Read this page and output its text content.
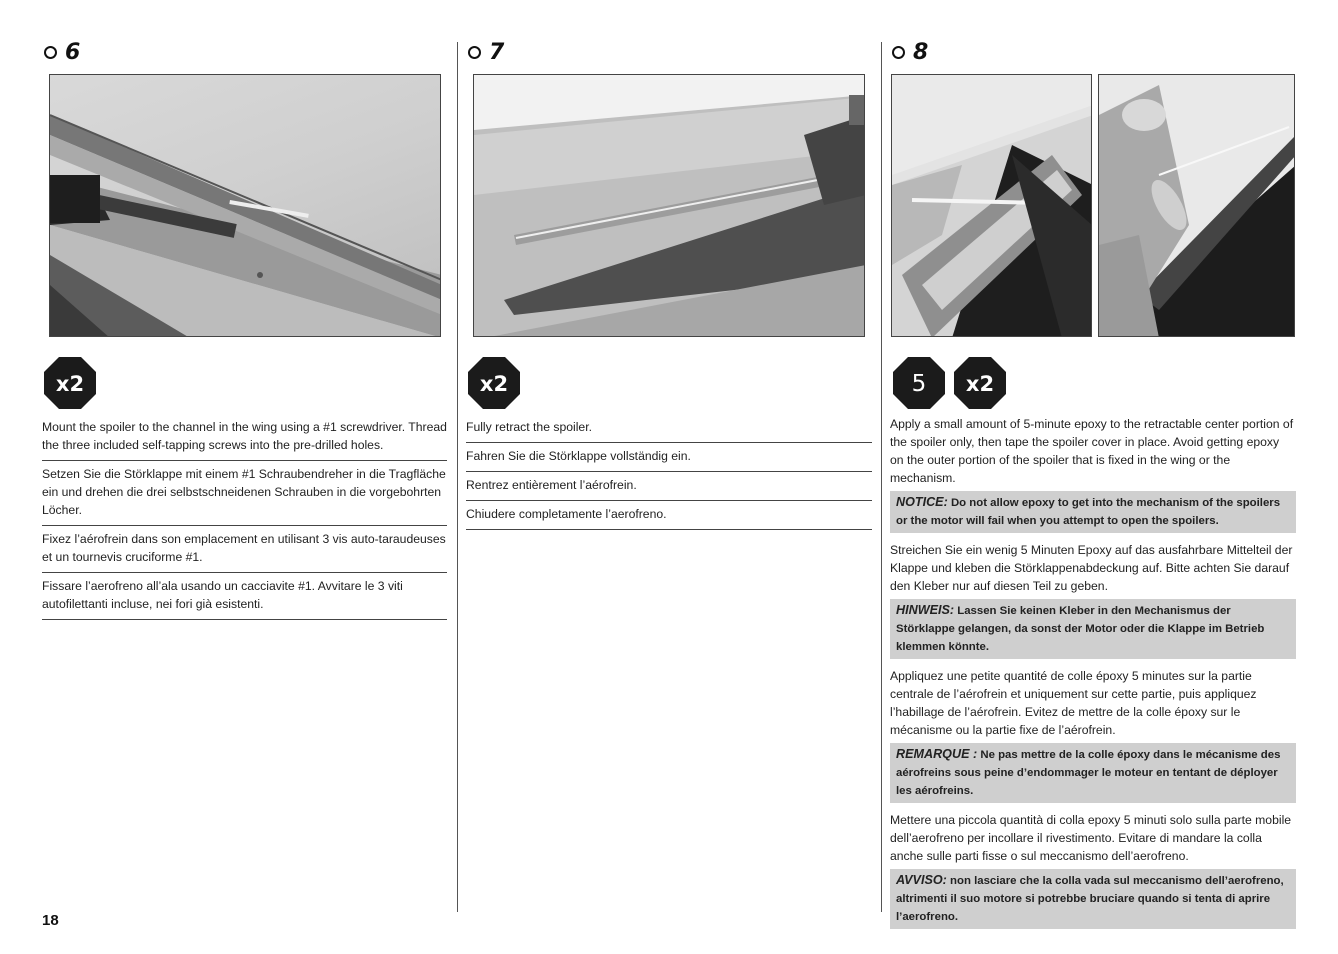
6
x2

Mount the spoiler to the channel in the wing using a #1 screwdriver. Thread the three included self-tapping screws into the pre-drilled holes.

Setzen Sie die Störklappe mit einem #1 Schraubendreher in die Tragfläche ein und drehen die drei selbstschneidenen Schrauben in die vorgebohrten Löcher.

Fixez l’aérofrein dans son emplacement en utilisant 3 vis auto-taraudeuses et un tournevis cruciforme #1.

Fissare l’aerofreno all’ala usando un cacciavite #1. Avvitare le 3 viti autofilettanti incluse, nei fori già esistenti.

7
x2

Fully retract the spoiler.

Fahren Sie die Störklappe vollständig ein.

Rentrez entièrement l’aérofrein.

Chiudere completamente l’aerofreno.

8
5 x2

Apply a small amount of 5-minute epoxy to the retractable center portion of the spoiler only, then tape the spoiler cover in place. Avoid getting epoxy on the outer portion of the spoiler that is fixed in the wing or the mechanism.

NOTICE: Do not allow epoxy to get into the mechanism of the spoilers or the motor will fail when you attempt to open the spoilers.

Streichen Sie ein wenig 5 Minuten Epoxy auf das ausfahrbare Mittelteil der Klappe und kleben die Störklappenabdeckung auf. Bitte achten Sie darauf den Kleber nur auf diesen Teil zu geben.

HINWEIS: Lassen Sie keinen Kleber in den Mechanismus der Störklappe gelangen, da sonst der Motor oder die Klappe im Betrieb klemmen könnte.

Appliquez une petite quantité de colle époxy 5 minutes sur la partie centrale de l’aérofrein et uniquement sur cette partie, puis appliquez l’habillage de l’aérofrein. Evitez de mettre de la colle époxy sur le mécanisme ou la partie fixe de l’aérofrein.

REMARQUE : Ne pas mettre de la colle époxy dans le mécanisme des aérofreins sous peine d’endommager le moteur en tentant de déployer les aérofreins.

Mettere una piccola quantità di colla epoxy 5 minuti solo sulla parte mobile dell’aerofreno per incollare il rivestimento. Evitare di mandare la colla anche sulle parti fisse o sul meccanismo dell’aerofreno.

AVVISO: non lasciare che la colla vada sul meccanismo dell’aerofreno, altrimenti il suo motore si potrebbe bruciare quando si tenta di aprire l’aerofreno.
18
